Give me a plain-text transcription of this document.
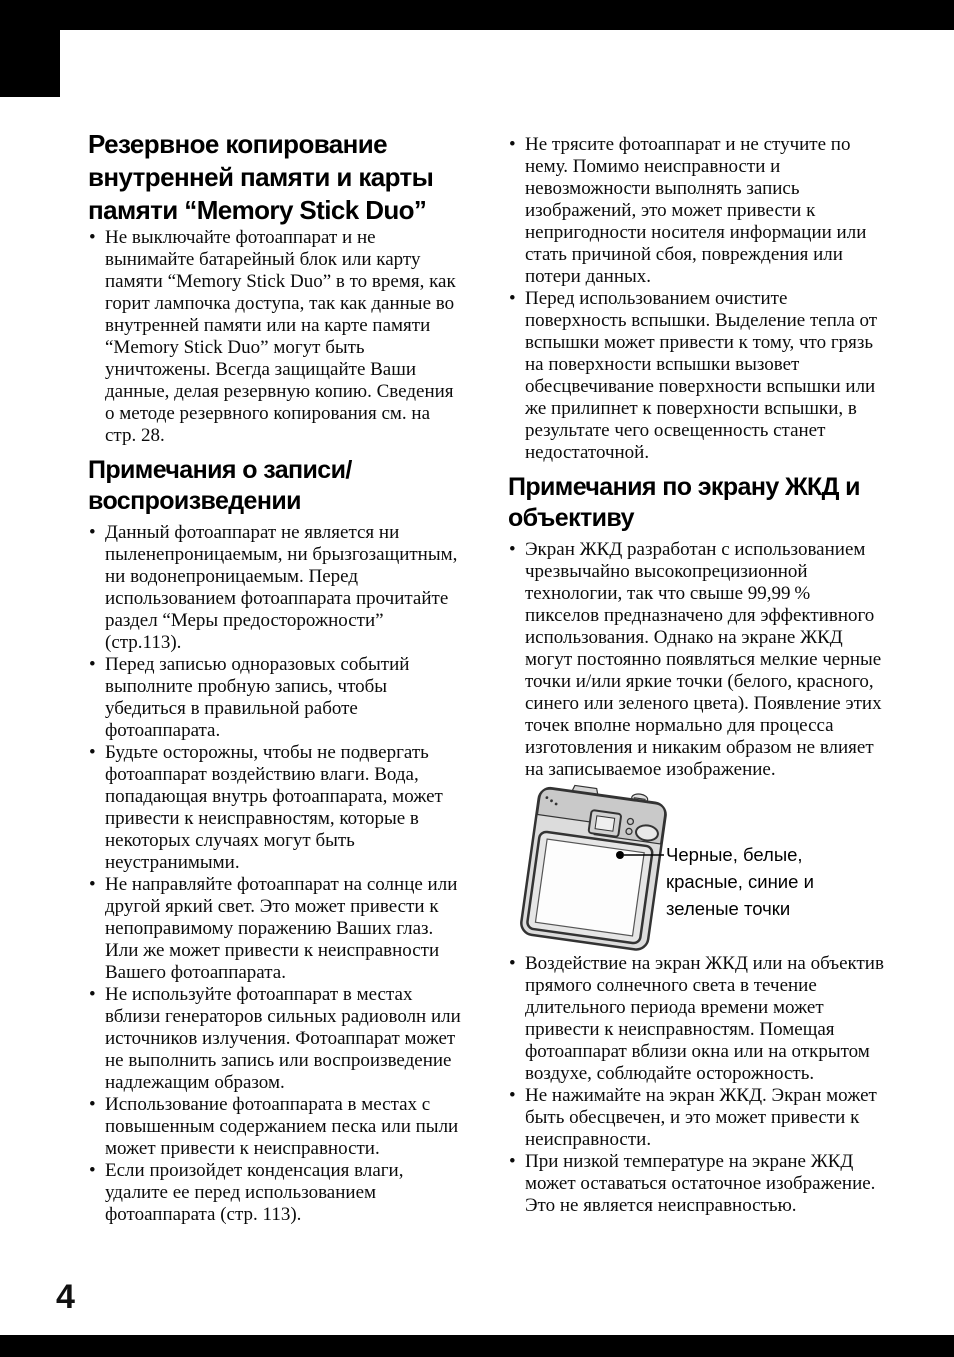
Резервное копирование
внутренней памяти и карты
памяти “Memory Stick Duo”
• Не выключайте фотоаппарат и не вынимайте батарейный блок или карту памяти “Memory Stick Duo” в то время, как горит лампочка доступа, так как данные во внутренней памяти или на карте памяти “Memory Stick Duo” могут быть уничтожены. Всегда защищайте Ваши данные, делая резервную копию. Сведения о методе резервного копирования см. на стр. 28.
Примечания о записи/
воспроизведении
• Данный фотоаппарат не является ни пыленепроницаемым, ни брызгозащитным, ни водонепроницаемым. Перед использованием фотоаппарата прочитайте раздел “Меры предосторожности” (стр.113).
• Перед записью одноразовых событий выполните пробную запись, чтобы убедиться в правильной работе фотоаппарата.
• Будьте осторожны, чтобы не подвергать фотоаппарат воздействию влаги. Вода, попадающая внутрь фотоаппарата, может привести к неисправностям, которые в некоторых случаях могут быть неустранимыми.
• Не направляйте фотоаппарат на солнце или другой яркий свет. Это может привести к непоправимому поражению Ваших глаз. Или же может привести к неисправности Вашего фотоаппарата.
• Не используйте фотоаппарат в местах вблизи генераторов сильных радиоволн или источников излучения. Фотоаппарат может не выполнить запись или воспроизведение надлежащим образом.
• Использование фотоаппарата в местах с повышенным содержанием песка или пыли может привести к неисправности.
• Если произойдет конденсация влаги, удалите ее перед использованием фотоаппарата (стр. 113).
• Не трясите фотоаппарат и не стучите по нему. Помимо неисправности и невозможности выполнять запись изображений, это может привести к непригодности носителя информации или стать причиной сбоя, повреждения или потери данных.
• Перед использованием очистите поверхность вспышки. Выделение тепла от вспышки может привести к тому, что грязь на поверхности вспышки вызовет обесцвечивание поверхности вспышки или же прилипнет к поверхности вспышки, в результате чего освещенность станет недостаточной.
Примечания по экрану ЖКД и
объективу
• Экран ЖКД разработан с использованием чрезвычайно высокопрецизионной технологии, так что свыше 99,99 % пикселов предназначено для эффективного использования. Однако на экране ЖКД могут постоянно появляться мелкие черные точки и/или яркие точки (белого, красного, синего или зеленого цвета). Появление этих точек вполне нормально для процесса изготовления и никаким образом не влияет на записываемое изображение.
Черные, белые,
красные, синие и
зеленые точки
• Воздействие на экран ЖКД или на объектив прямого солнечного света в течение длительного периода времени может привести к неисправностям. Помещая фотоаппарат вблизи окна или на открытом воздухе, соблюдайте осторожность.
• Не нажимайте на экран ЖКД. Экран может быть обесцвечен, и это может привести к неисправности.
• При низкой температуре на экране ЖКД может оставаться остаточное изображение. Это не является неисправностью.
4
